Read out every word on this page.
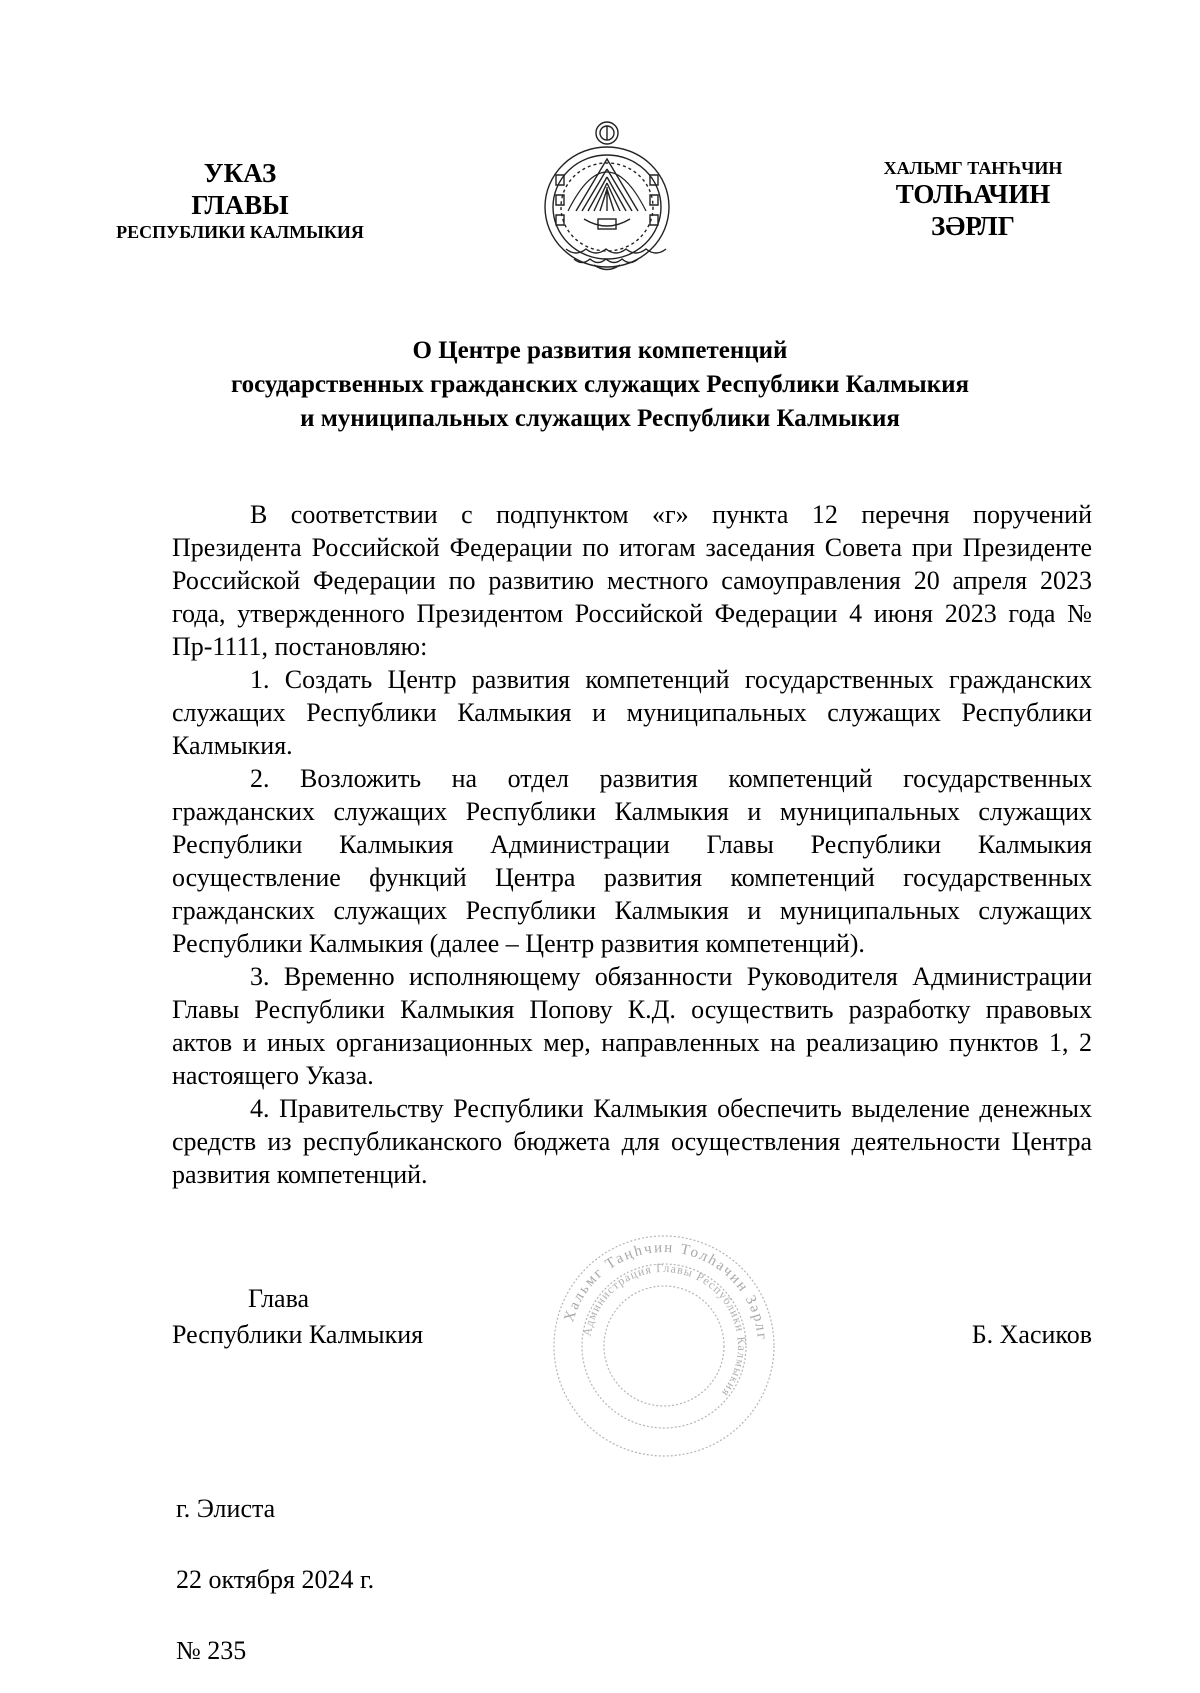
УКАЗ
ГЛАВЫ
РЕСПУБЛИКИ КАЛМЫКИЯ
ХАЛЬМГ ТАҤҺЧИН
ТОЛҺАЧИН
ЗӘРЛГ
О Центре развития компетенций
государственных гражданских служащих Республики Калмыкия
и муниципальных служащих Республики Калмыкия

В соответствии с подпунктом «г» пункта 12 перечня поручений Президента Российской Федерации по итогам заседания Совета при Президенте Российской Федерации по развитию местного самоуправления 20 апреля 2023 года, утвержденного Президентом Российской Федерации 4 июня 2023 года № Пр-1111, постановляю:

1. Создать Центр развития компетенций государственных гражданских служащих Республики Калмыкия и муниципальных служащих Республики Калмыкия.

2. Возложить на отдел развития компетенций государственных гражданских служащих Республики Калмыкия и муниципальных служащих Республики Калмыкия Администрации Главы Республики Калмыкия осуществление функций Центра развития компетенций государственных гражданских служащих Республики Калмыкия и муниципальных служащих Республики Калмыкия (далее – Центр развития компетенций).

3. Временно исполняющему обязанности Руководителя Администрации Главы Республики Калмыкия Попову К.Д. осуществить разработку правовых актов и иных организационных мер, направленных на реализацию пунктов 1, 2 настоящего Указа.

4. Правительству Республики Калмыкия обеспечить выделение денежных средств из республиканского бюджета для осуществления деятельности Центра развития компетенций.

Глава
Республики Калмыкия
Хальмг Таңһчин Толһачин Зәрлг
Администрация Главы Республики Калмыкия
Б. Хасиков
г. Элиста
22 октября 2024 г.
№ 235
